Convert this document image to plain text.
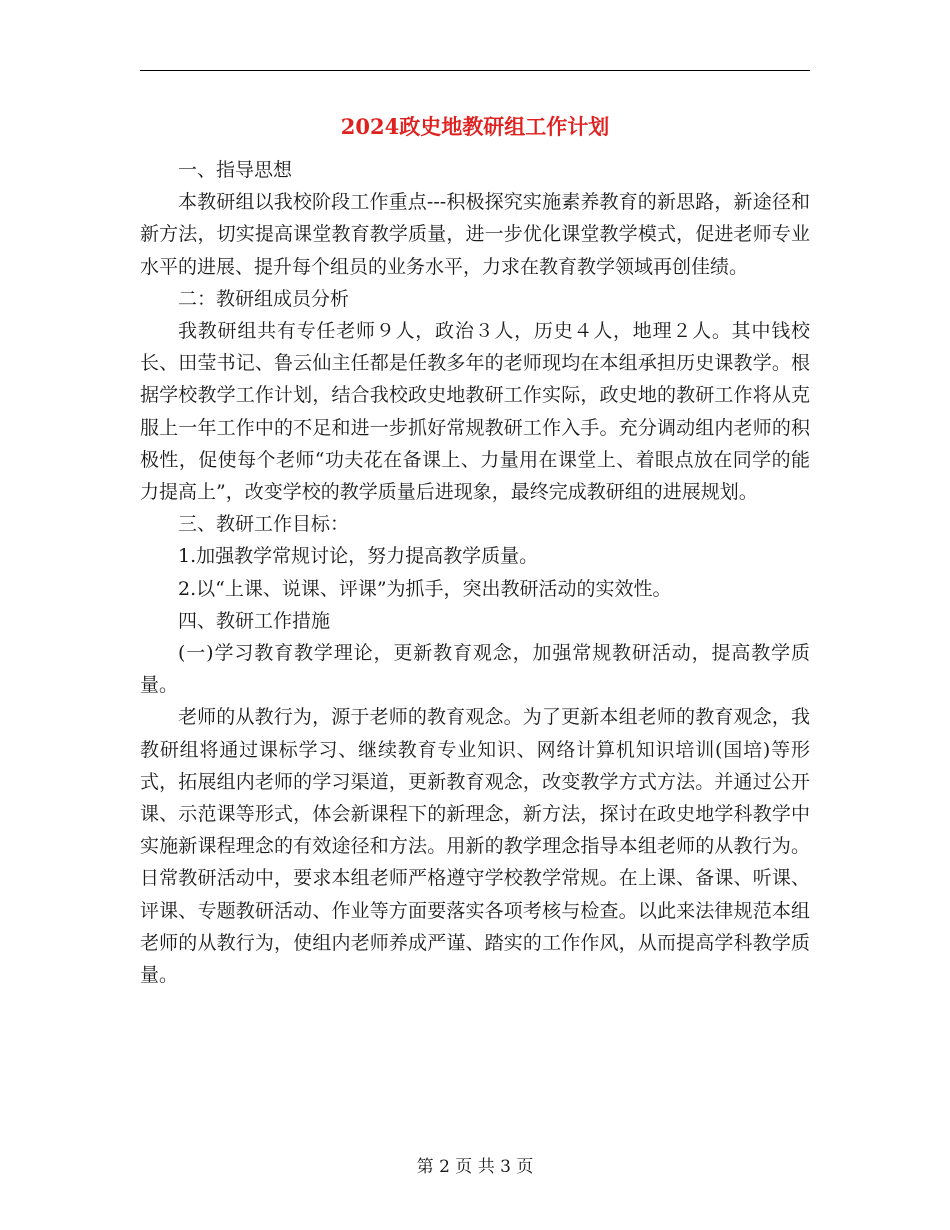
2024政史地教研组工作计划

一、指导思想

本教研组以我校阶段工作重点---积极探究实施素养教育的新思路，新途径和新方法，切实提高课堂教育教学质量，进一步优化课堂教学模式，促进老师专业水平的进展、提升每个组员的业务水平，力求在教育教学领域再创佳绩。

二：教研组成员分析

我教研组共有专任老师９人，政治３人，历史４人，地理２人。其中钱校长、田莹书记、鲁云仙主任都是任教多年的老师现均在本组承担历史课教学。根据学校教学工作计划，结合我校政史地教研工作实际，政史地的教研工作将从克服上一年工作中的不足和进一步抓好常规教研工作入手。充分调动组内老师的积极性，促使每个老师“功夫花在备课上、力量用在课堂上、着眼点放在同学的能力提高上”，改变学校的教学质量后进现象，最终完成教研组的进展规划。

三、教研工作目标：

1.加强教学常规讨论，努力提高教学质量。

2.以“上课、说课、评课”为抓手，突出教研活动的实效性。

四、教研工作措施

(一)学习教育教学理论，更新教育观念，加强常规教研活动，提高教学质量。

老师的从教行为，源于老师的教育观念。为了更新本组老师的教育观念，我教研组将通过课标学习、继续教育专业知识、网络计算机知识培训(国培)等形式，拓展组内老师的学习渠道，更新教育观念，改变教学方式方法。并通过公开课、示范课等形式，体会新课程下的新理念，新方法，探讨在政史地学科教学中实施新课程理念的有效途径和方法。用新的教学理念指导本组老师的从教行为。日常教研活动中，要求本组老师严格遵守学校教学常规。在上课、备课、听课、评课、专题教研活动、作业等方面要落实各项考核与检查。以此来法律规范本组老师的从教行为，使组内老师养成严谨、踏实的工作作风，从而提高学科教学质量。

第 2 页 共 3 页
